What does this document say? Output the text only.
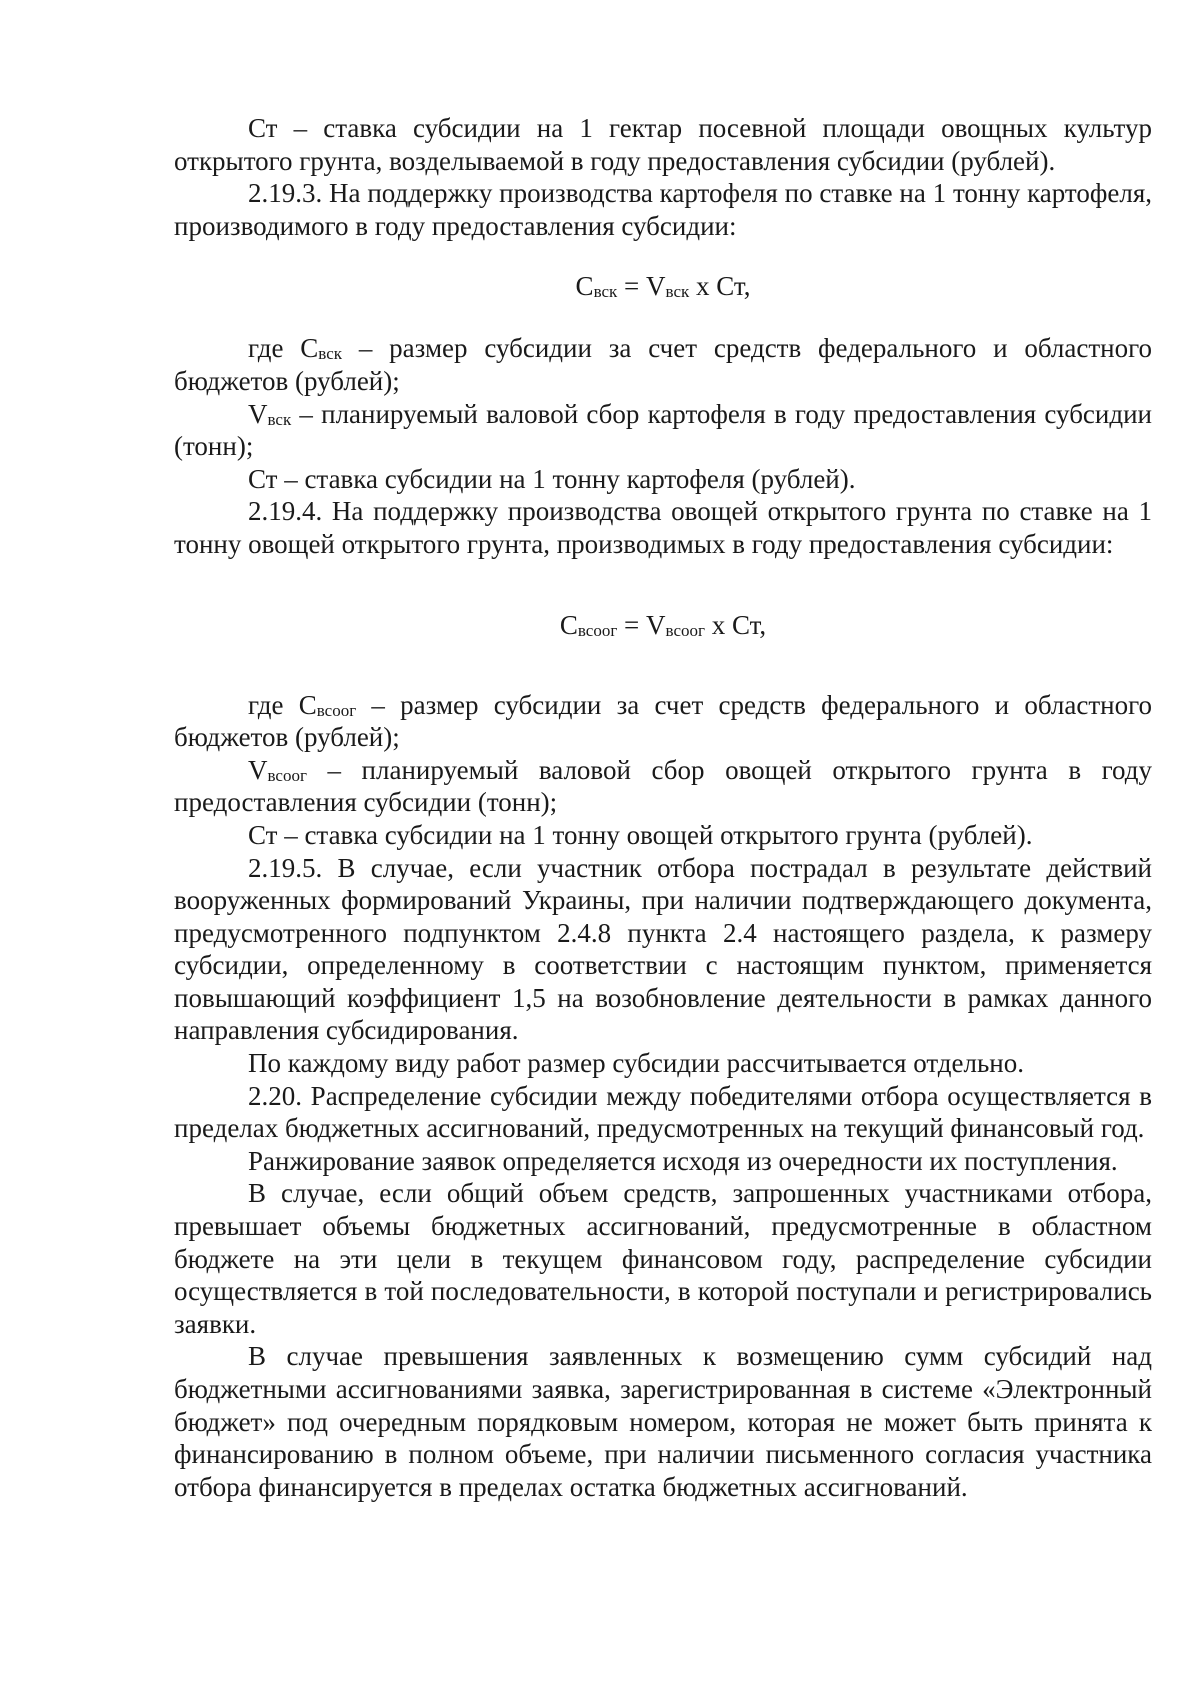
Ст – ставка субсидии на 1 гектар посевной площади овощных культур открытого грунта, возделываемой в году предоставления субсидии (рублей).

2.19.3. На поддержку производства картофеля по ставке на 1 тонну картофеля, производимого в году предоставления субсидии:

$С_{вск} = V_{вск}$ х Ст,

где $С_{вск}$ – размер субсидии за счет средств федерального и областного бюджетов (рублей);

$V_{вск}$ – планируемый валовой сбор картофеля в году предоставления субсидии (тонн);

Ст – ставка субсидии на 1 тонну картофеля (рублей).

2.19.4. На поддержку производства овощей открытого грунта по ставке на 1 тонну овощей открытого грунта, производимых в году предоставления субсидии:

$С_{всоог} = V_{всоог}$ х Ст,

где $С_{всоог}$ – размер субсидии за счет средств федерального и областного бюджетов (рублей);

$V_{всоог}$ – планируемый валовой сбор овощей открытого грунта в году предоставления субсидии (тонн);

Ст – ставка субсидии на 1 тонну овощей открытого грунта (рублей).

2.19.5. В случае, если участник отбора пострадал в результате действий вооруженных формирований Украины, при наличии подтверждающего документа, предусмотренного подпунктом 2.4.8 пункта 2.4 настоящего раздела, к размеру субсидии, определенному в соответствии с настоящим пунктом, применяется повышающий коэффициент 1,5 на возобновление деятельности в рамках данного направления субсидирования.

По каждому виду работ размер субсидии рассчитывается отдельно.

2.20. Распределение субсидии между победителями отбора осуществляется в пределах бюджетных ассигнований, предусмотренных на текущий финансовый год.

Ранжирование заявок определяется исходя из очередности их поступления.

В случае, если общий объем средств, запрошенных участниками отбора, превышает объемы бюджетных ассигнований, предусмотренные в областном бюджете на эти цели в текущем финансовом году, распределение субсидии осуществляется в той последовательности, в которой поступали и регистрировались заявки.

В случае превышения заявленных к возмещению сумм субсидий над бюджетными ассигнованиями заявка, зарегистрированная в системе «Электронный бюджет» под очередным порядковым номером, которая не может быть принята к финансированию в полном объеме, при наличии письменного согласия участника отбора финансируется в пределах остатка бюджетных ассигнований.
